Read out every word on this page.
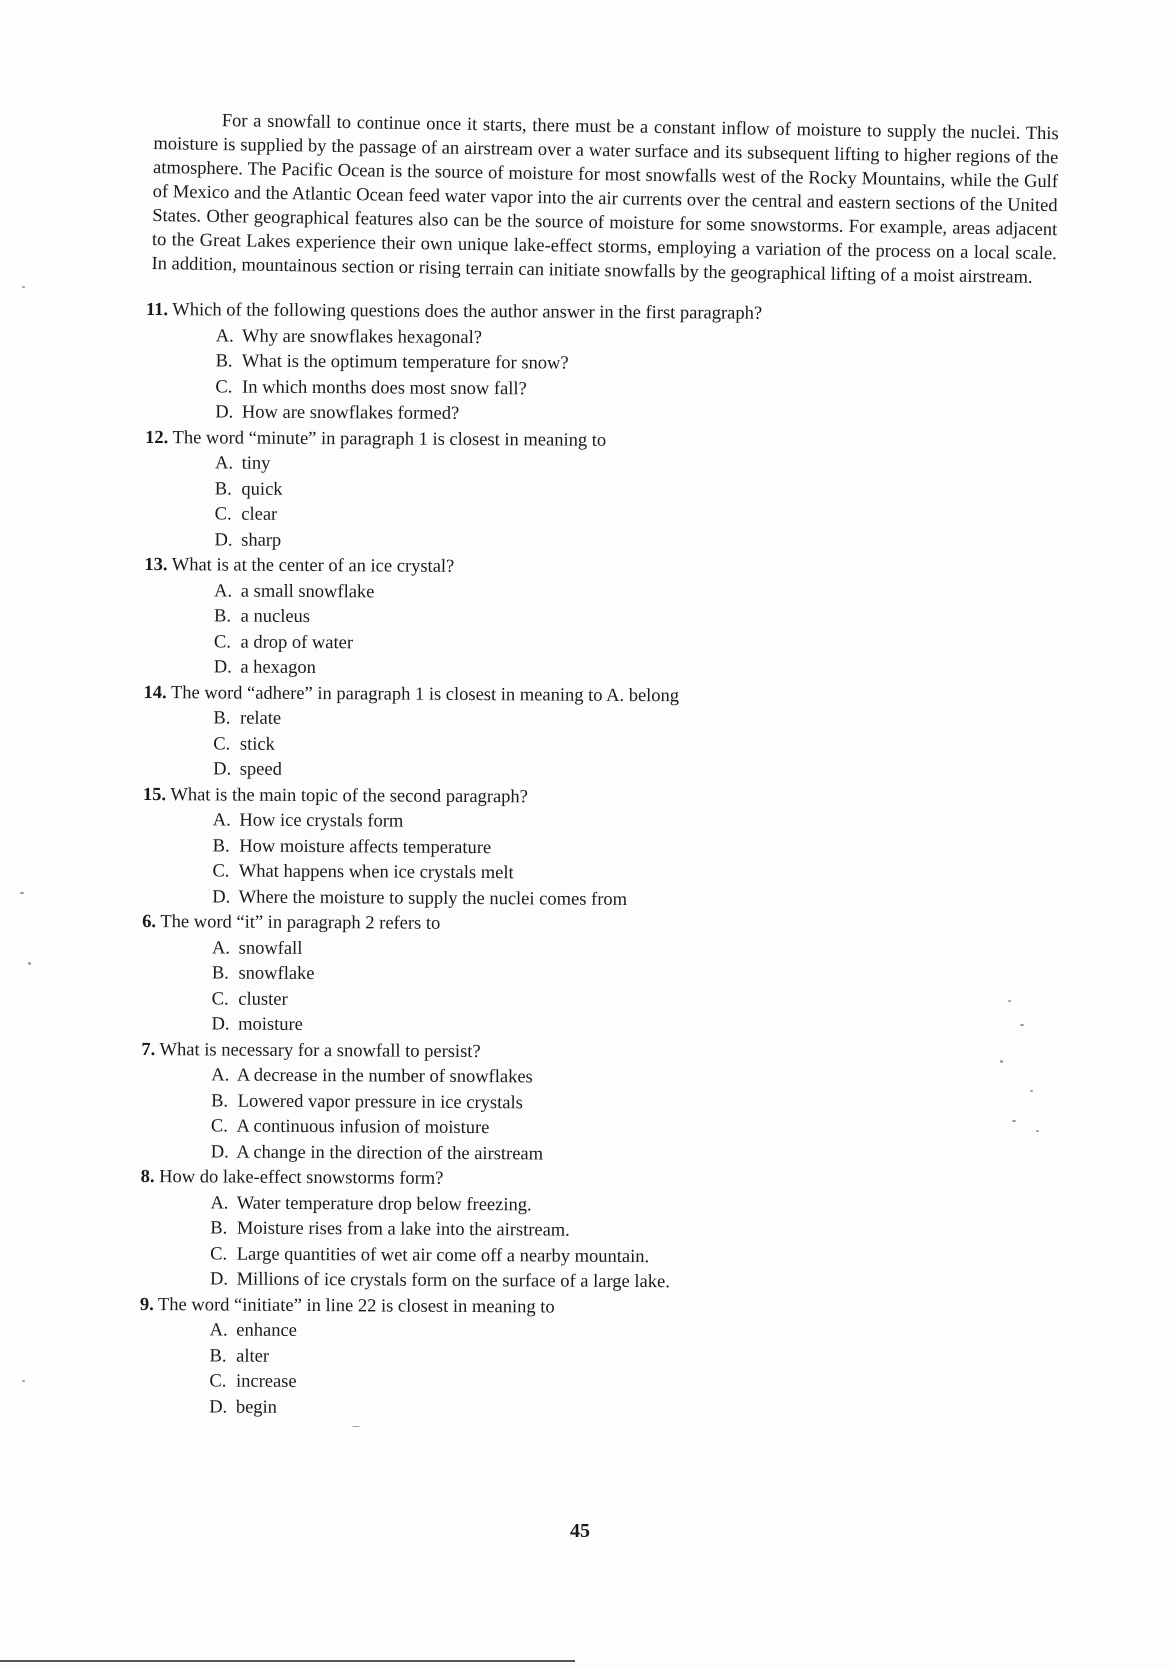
For a snowfall to continue once it starts, there must be a constant inflow of moisture to supply the nuclei. This moisture is supplied by the passage of an airstream over a water surface and its subsequent lifting to higher regions of the atmosphere. The Pacific Ocean is the source of moisture for most snowfalls west of the Rocky Mountains, while the Gulf of Mexico and the Atlantic Ocean feed water vapor into the air currents over the central and eastern sections of the United States. Other geographical features also can be the source of moisture for some snowstorms. For example, areas adjacent to the Great Lakes experience their own unique lake-effect storms, employing a variation of the process on a local scale. In addition, mountainous section or rising terrain can initiate snowfalls by the geographical lifting of a moist airstream.

11. Which of the following questions does the author answer in the first paragraph?
A. Why are snowflakes hexagonal?
B. What is the optimum temperature for snow?
C. In which months does most snow fall?
D. How are snowflakes formed?
12. The word “minute” in paragraph 1 is closest in meaning to
A. tiny
B. quick
C. clear
D. sharp
13. What is at the center of an ice crystal?
A. a small snowflake
B. a nucleus
C. a drop of water
D. a hexagon
14. The word “adhere” in paragraph 1 is closest in meaning to A. belong
B. relate
C. stick
D. speed
15. What is the main topic of the second paragraph?
A. How ice crystals form
B. How moisture affects temperature
C. What happens when ice crystals melt
D. Where the moisture to supply the nuclei comes from
6. The word “it” in paragraph 2 refers to
A. snowfall
B. snowflake
C. cluster
D. moisture
7. What is necessary for a snowfall to persist?
A. A decrease in the number of snowflakes
B. Lowered vapor pressure in ice crystals
C. A continuous infusion of moisture
D. A change in the direction of the airstream
8. How do lake-effect snowstorms form?
A. Water temperature drop below freezing.
B. Moisture rises from a lake into the airstream.
C. Large quantities of wet air come off a nearby mountain.
D. Millions of ice crystals form on the surface of a large lake.
9. The word “initiate” in line 22 is closest in meaning to
A. enhance
B. alter
C. increase
D. begin
45
